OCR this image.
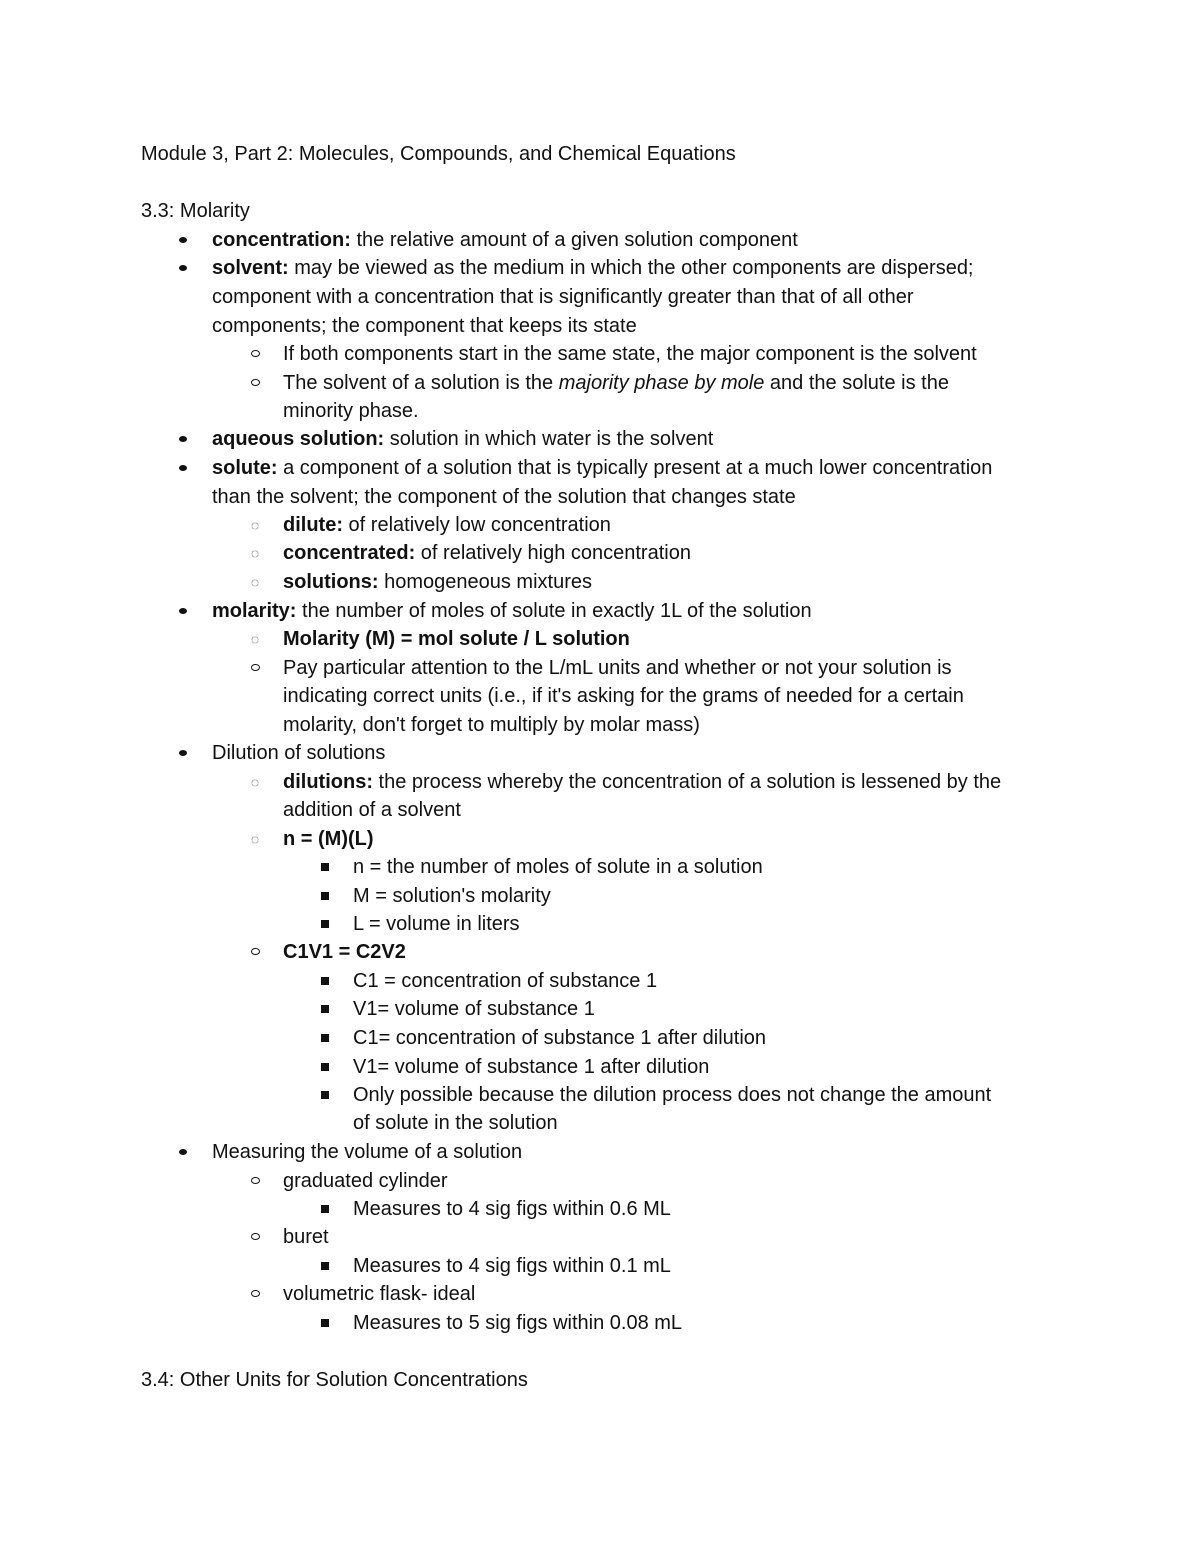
Module 3, Part 2: Molecules, Compounds, and Chemical Equations
3.3: Molarity
concentration: the relative amount of a given solution component
solvent: may be viewed as the medium in which the other components are dispersed;
component with a concentration that is significantly greater than that of all other
components; the component that keeps its state
If both components start in the same state, the major component is the solvent
The solvent of a solution is the majority phase by mole and the solute is the
minority phase.
aqueous solution: solution in which water is the solvent
solute: a component of a solution that is typically present at a much lower concentration
than the solvent; the component of the solution that changes state
◌ dilute: of relatively low concentration
◌ concentrated: of relatively high concentration
◌ solutions: homogeneous mixtures
molarity: the number of moles of solute in exactly 1L of the solution
◌ Molarity (M) = mol solute / L solution
Pay particular attention to the L/mL units and whether or not your solution is
indicating correct units (i.e., if it's asking for the grams of needed for a certain
molarity, don't forget to multiply by molar mass)
Dilution of solutions
◌ dilutions: the process whereby the concentration of a solution is lessened by the
addition of a solvent
◌ n = (M)(L)
n = the number of moles of solute in a solution
M = solution's molarity
L = volume in liters
C1V1 = C2V2
C1 = concentration of substance 1
V1= volume of substance 1
C1= concentration of substance 1 after dilution
V1= volume of substance 1 after dilution
Only possible because the dilution process does not change the amount
of solute in the solution
Measuring the volume of a solution
graduated cylinder
Measures to 4 sig figs within 0.6 ML
buret
Measures to 4 sig figs within 0.1 mL
volumetric flask- ideal
Measures to 5 sig figs within 0.08 mL
3.4: Other Units for Solution Concentrations
